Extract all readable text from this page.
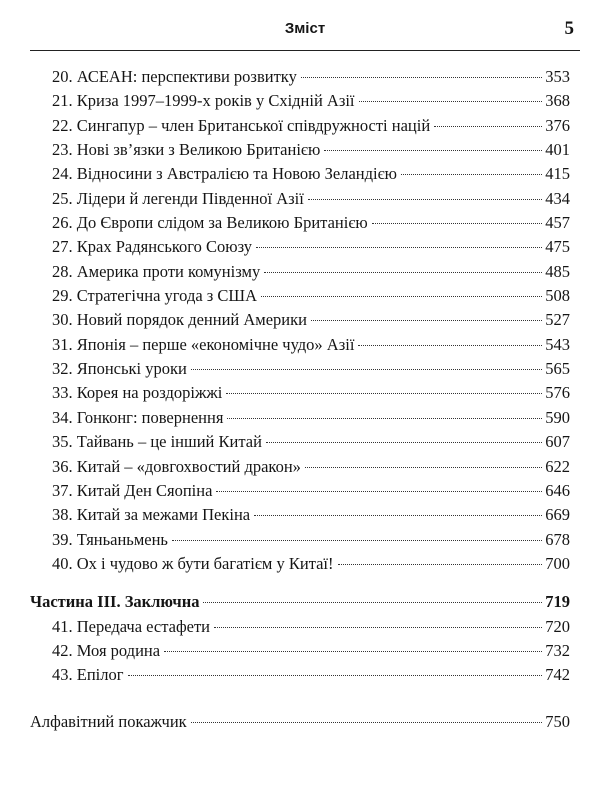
Зміст	5
20. АСЕАН: перспективи розвитку	353
21. Криза 1997–1999-х років у Східній Азії	368
22. Сингапур – член Британської співдружності націй	376
23. Нові зв’язки з Великою Британією	401
24. Відносини з Австралією та Новою Зеландією	415
25. Лідери й легенди Південної Азії	434
26. До Європи слідом за Великою Британією	457
27. Крах Радянського Союзу	475
28. Америка проти комунізму	485
29. Стратегічна угода з США	508
30. Новий порядок денний Америки	527
31. Японія – перше «економічне чудо» Азії	543
32. Японські уроки	565
33. Корея на роздоріжжі	576
34. Гонконг: повернення	590
35. Тайвань – це інший Китай	607
36. Китай – «довгохвостий дракон»	622
37. Китай Ден Сяопіна	646
38. Китай за межами Пекіна	669
39. Тяньаньмень	678
40. Ох і чудово ж бути багатієм у Китаї!	700
Частина ІІІ. Заключна	719
41. Передача естафети	720
42. Моя родина	732
43. Епілог	742
Алфавітний покажчик	750
